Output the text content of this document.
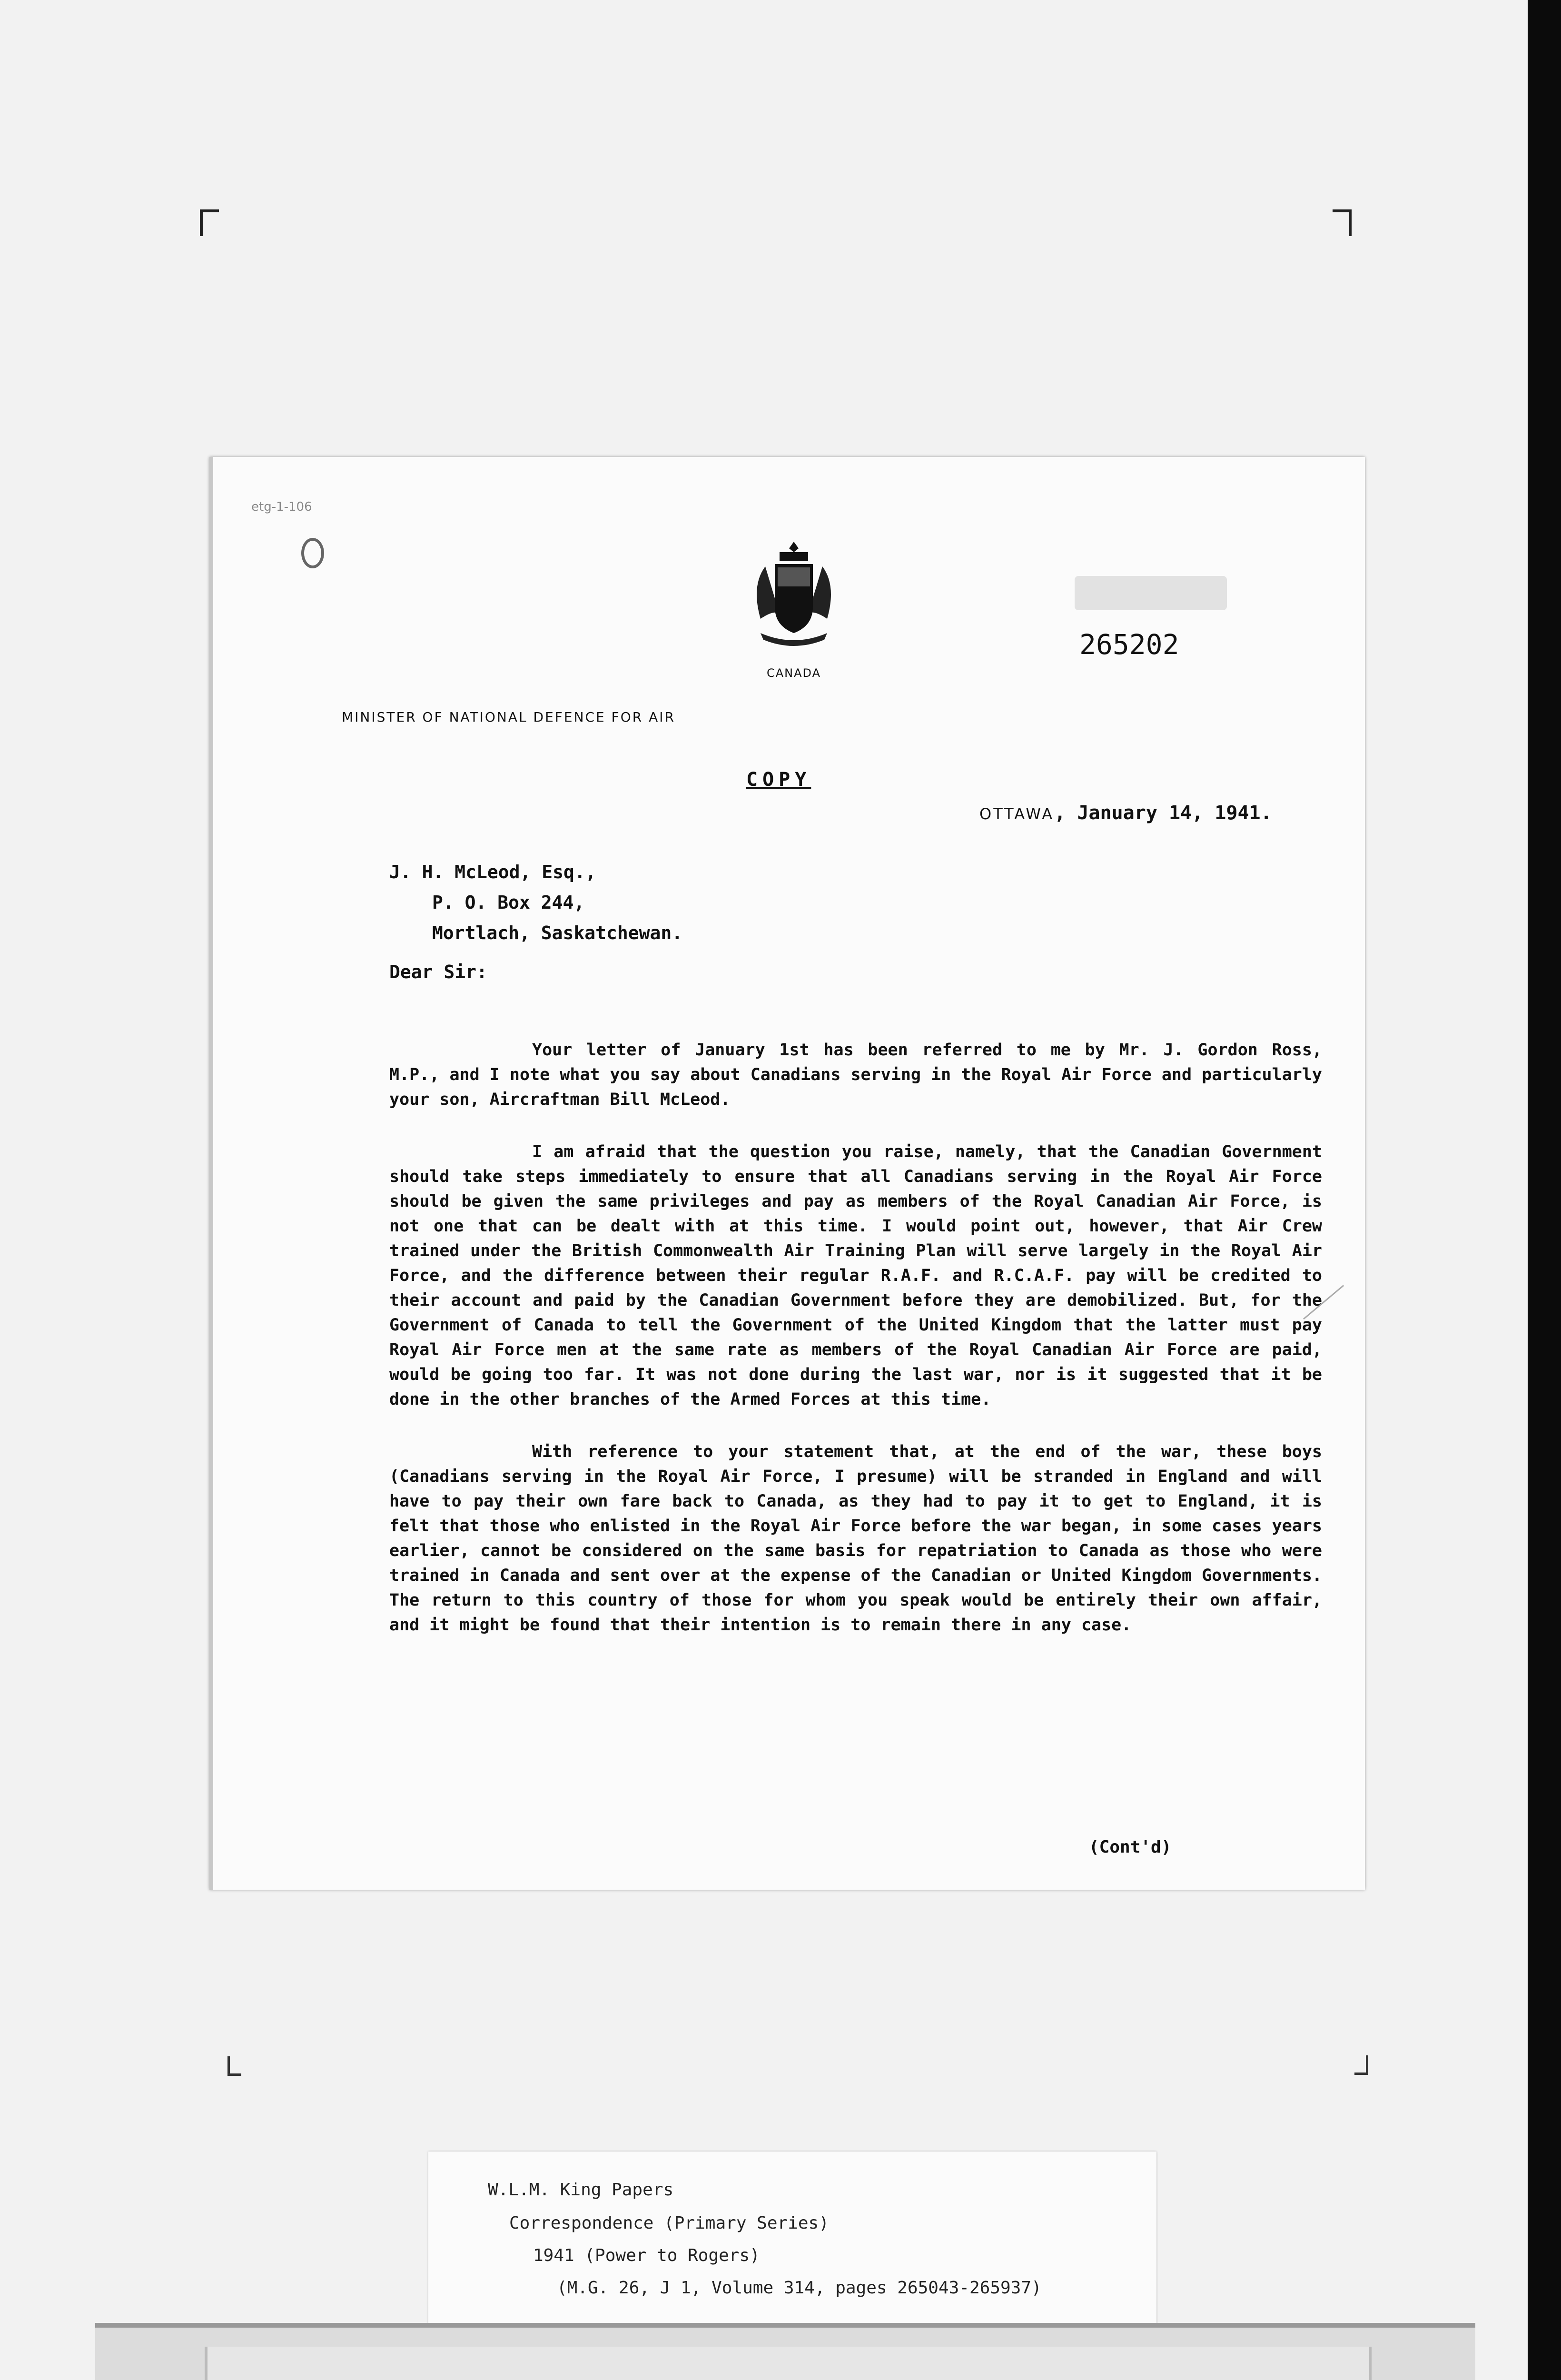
etg-1-106
CANADA
265202
MINISTER OF NATIONAL DEFENCE FOR AIR
COPY
OTTAWA, January 14, 1941.
J. H. McLeod, Esq.,
P. O. Box 244,
Mortlach, Saskatchewan.
Dear Sir:

Your letter of January 1st has been referred to me by Mr. J. Gordon Ross, M.P., and I note what you say about Canadians serving in the Royal Air Force and particularly your son, Aircraftman Bill McLeod.

I am afraid that the question you raise, namely, that the Canadian Government should take steps immediately to ensure that all Canadians serving in the Royal Air Force should be given the same privileges and pay as members of the Royal Canadian Air Force, is not one that can be dealt with at this time. I would point out, however, that Air Crew trained under the British Commonwealth Air Training Plan will serve largely in the Royal Air Force, and the difference between their regular R.A.F. and R.C.A.F. pay will be credited to their account and paid by the Canadian Government before they are demobilized. But, for the Government of Canada to tell the Government of the United Kingdom that the latter must pay Royal Air Force men at the same rate as members of the Royal Canadian Air Force are paid, would be going too far. It was not done during the last war, nor is it suggested that it be done in the other branches of the Armed Forces at this time.

With reference to your statement that, at the end of the war, these boys (Canadians serving in the Royal Air Force, I presume) will be stranded in England and will have to pay their own fare back to Canada, as they had to pay it to get to England, it is felt that those who enlisted in the Royal Air Force before the war began, in some cases years earlier, cannot be considered on the same basis for repatriation to Canada as those who were trained in Canada and sent over at the expense of the Canadian or United Kingdom Governments. The return to this country of those for whom you speak would be entirely their own affair, and it might be found that their intention is to remain there in any case.

(Cont'd)
W.L.M. King Papers
Correspondence (Primary Series)
1941 (Power to Rogers)
(M.G. 26, J 1, Volume 314, pages 265043-265937)
